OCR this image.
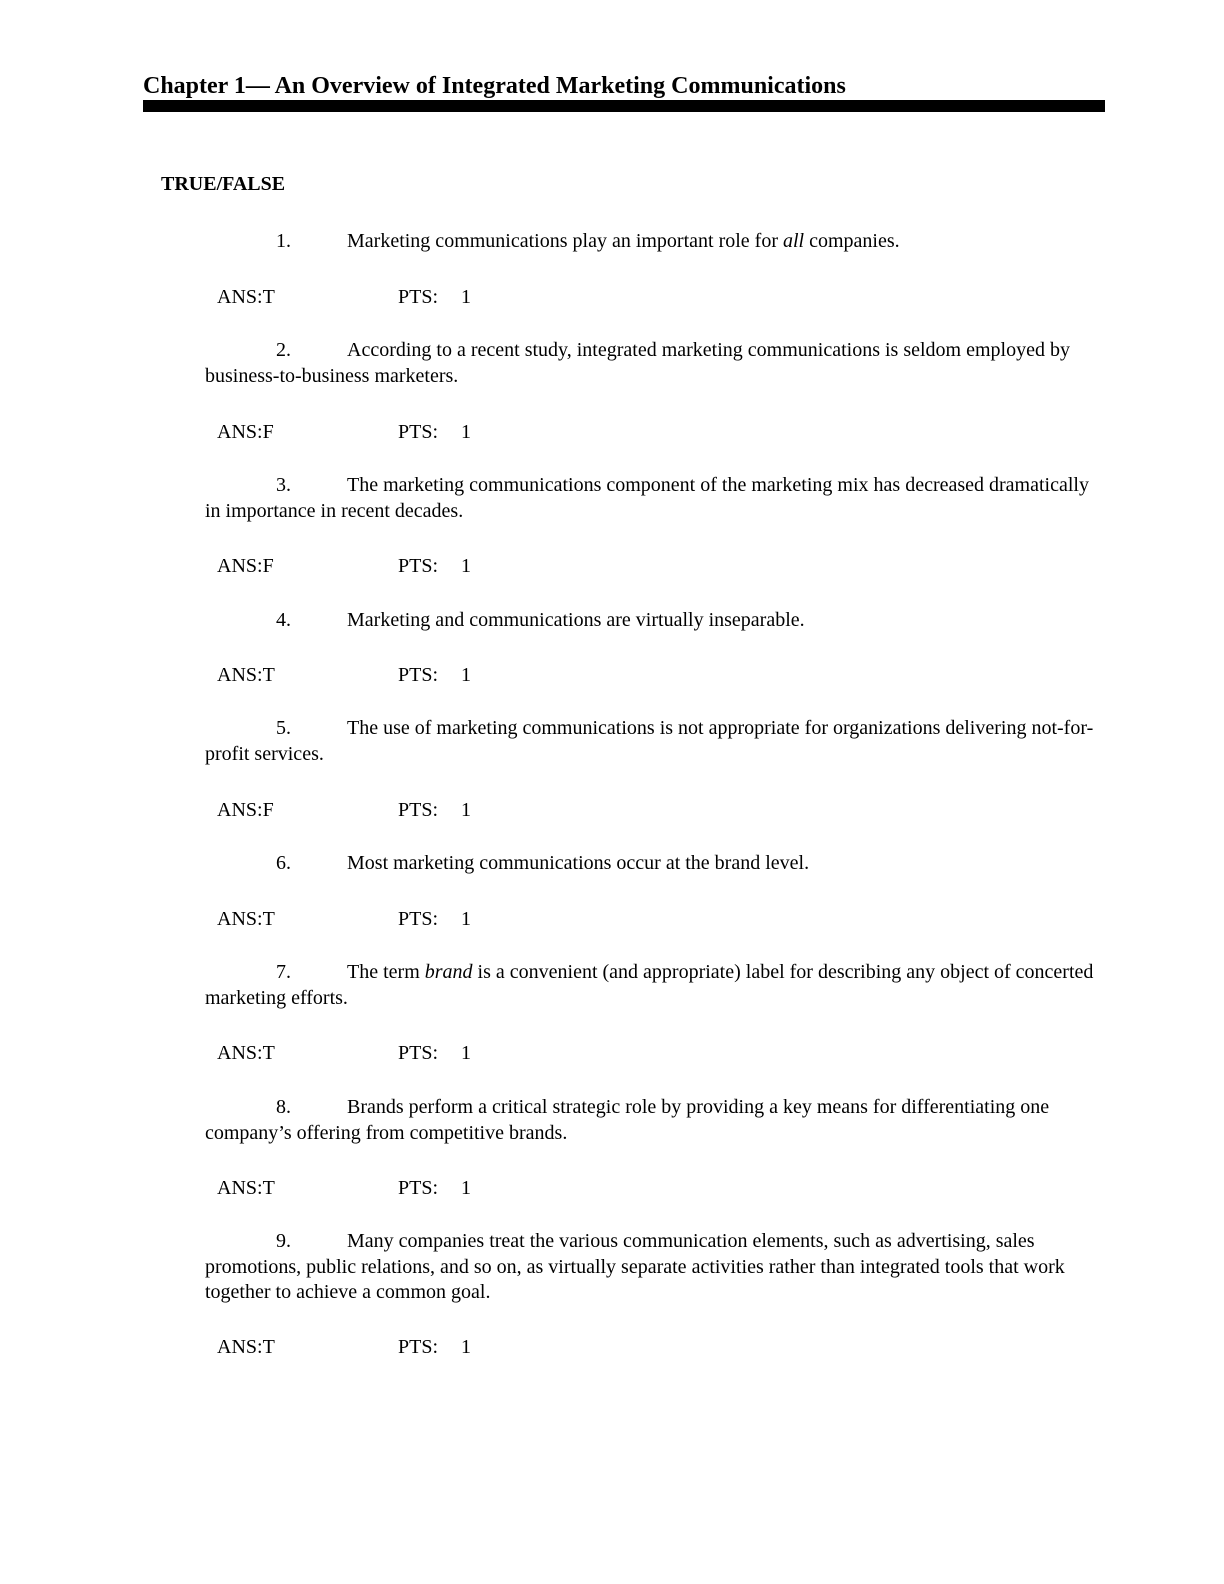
Chapter 1— An Overview of Integrated Marketing Communications
TRUE/FALSE

1.	Marketing communications play an important role for all companies.

ANS:T	PTS: 1

2.	According to a recent study, integrated marketing communications is seldom employed by business-to-business marketers.

ANS:F	PTS: 1

3.	The marketing communications component of the marketing mix has decreased dramatically in importance in recent decades.

ANS:F	PTS: 1

4.	Marketing and communications are virtually inseparable.

ANS:T	PTS: 1

5.	The use of marketing communications is not appropriate for organizations delivering not-for-profit services.

ANS:F	PTS: 1

6.	Most marketing communications occur at the brand level.

ANS:T	PTS: 1

7.	The term brand is a convenient (and appropriate) label for describing any object of concerted marketing efforts.

ANS:T	PTS: 1

8.	Brands perform a critical strategic role by providing a key means for differentiating one company’s offering from competitive brands.

ANS:T	PTS: 1

9.	Many companies treat the various communication elements, such as advertising, sales promotions, public relations, and so on, as virtually separate activities rather than integrated tools that work together to achieve a common goal.

ANS:T	PTS: 1
